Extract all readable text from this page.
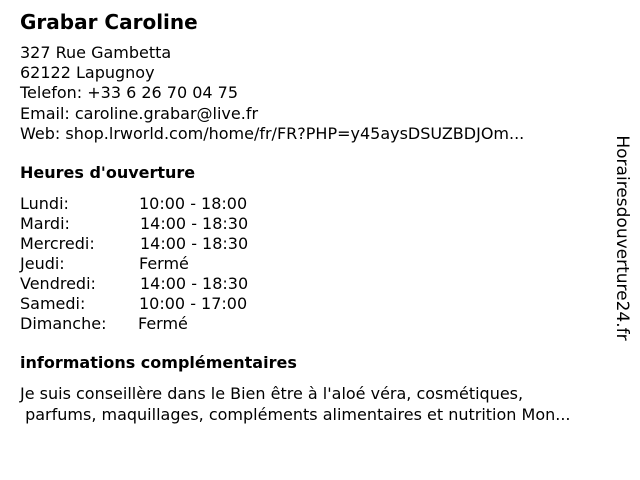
Grabar Caroline
327 Rue Gambetta
62122 Lapugnoy
Telefon: +33 6 26 70 04 75
Email: caroline.grabar@live.fr
Web: shop.lrworld.com/home/fr/FR?PHP=y45aysDSUZBDJOm...
Heures d'ouverture
Lundi:	10:00 - 18:00
Mardi:	14:00 - 18:30
Mercredi:	14:00 - 18:30
Jeudi:	Fermé
Vendredi:	14:00 - 18:30
Samedi:	10:00 - 17:00
Dimanche: Fermé
informations complémentaires
Je suis conseillère dans le Bien être à l'aloé véra, cosmétiques,
parfums, maquillages, compléments alimentaires et nutrition Mon...
Horairesdouverture24.fr
